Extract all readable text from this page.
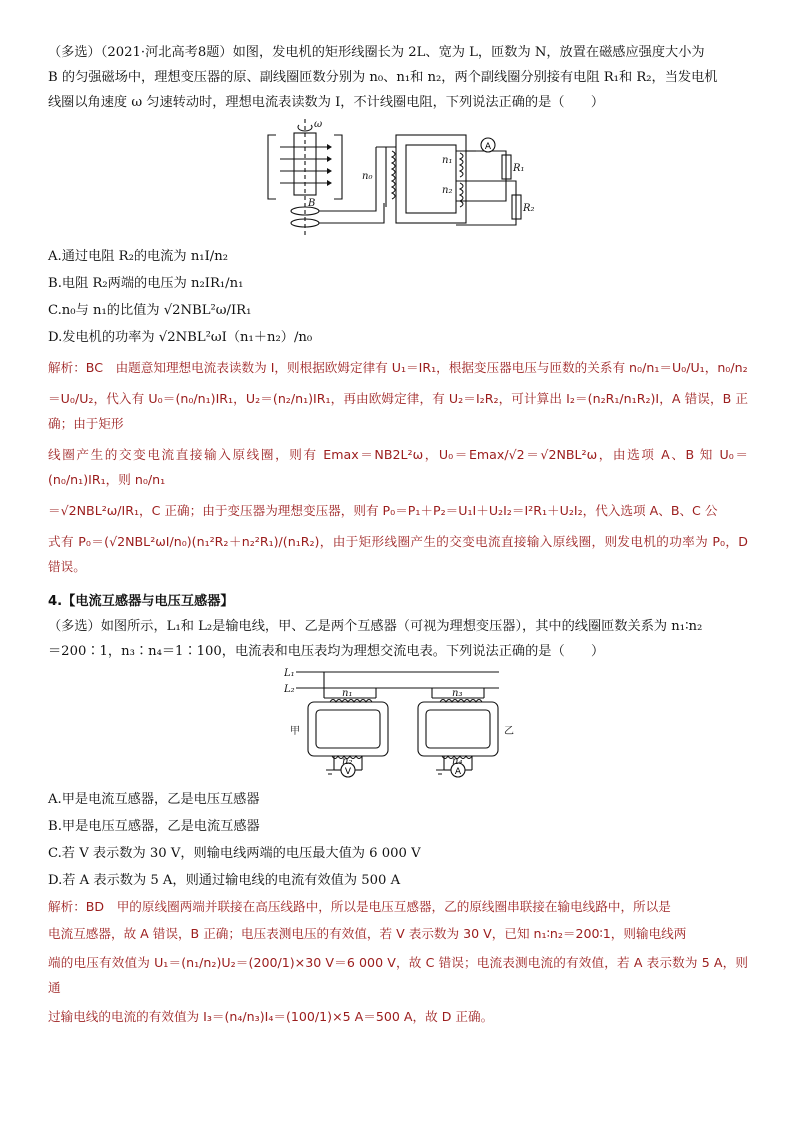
（多选）（2021·河北高考8题）如图，发电机的矩形线圈长为 2L、宽为 L，匝数为 N，放置在磁感应强度大小为

B 的匀强磁场中，理想变压器的原、副线圈匝数分别为 n₀、n₁和 n₂，两个副线圈分别接有电阻 R₁和 R₂，当发电机

线圈以角速度 ω 匀速转动时，理想电流表读数为 I，不计线圈电阻，下列说法正确的是（　　）

A
ω
B
n₀
n₁
n₂
R₁
R₂

A.通过电阻 R₂的电流为 n₁I/n₂

B.电阻 R₂两端的电压为 n₂IR₁/n₁

C.n₀与 n₁的比值为 √2NBL²ω/IR₁

D.发电机的功率为 √2NBL²ωI（n₁＋n₂）/n₀

解析：BC　由题意知理想电流表读数为 I，则根据欧姆定律有 U₁＝IR₁，根据变压器电压与匝数的关系有 n₀/n₁＝U₀/U₁，n₀/n₂

＝U₀/U₂，代入有 U₀＝(n₀/n₁)IR₁，U₂＝(n₂/n₁)IR₁，再由欧姆定律，有 U₂＝I₂R₂，可计算出 I₂＝(n₂R₁/n₁R₂)I，A 错误，B 正确；由于矩形

线圈产生的交变电流直接输入原线圈，则有 Emax＝NB2L²ω，U₀＝Emax/√2＝√2NBL²ω，由选项 A、B 知 U₀＝(n₀/n₁)IR₁，则 n₀/n₁

＝√2NBL²ω/IR₁，C 正确；由于变压器为理想变压器，则有 P₀＝P₁＋P₂＝U₁I＋U₂I₂＝I²R₁＋U₂I₂，代入选项 A、B、C 公

式有 P₀＝(√2NBL²ωI/n₀)(n₁²R₂＋n₂²R₁)/(n₁R₂)，由于矩形线圈产生的交变电流直接输入原线圈，则发电机的功率为 P₀，D 错误。

4.【电流互感器与电压互感器】

（多选）如图所示，L₁和 L₂是输电线，甲、乙是两个互感器（可视为理想变压器），其中的线圈匝数关系为 n₁∶n₂

＝200∶1，n₃∶n₄＝1∶100，电流表和电压表均为理想交流电表。下列说法正确的是（　　）

V	A
L₁
L₂
甲	乙
n₁
n₂
n₃
n₄

A.甲是电流互感器，乙是电压互感器

B.甲是电压互感器，乙是电流互感器

C.若 V 表示数为 30 V，则输电线两端的电压最大值为 6 000 V

D.若 A 表示数为 5 A，则通过输电线的电流有效值为 500 A

解析：BD　甲的原线圈两端并联接在高压线路中，所以是电压互感器，乙的原线圈串联接在输电线路中，所以是

电流互感器，故 A 错误，B 正确；电压表测电压的有效值，若 V 表示数为 30 V，已知 n₁∶n₂＝200∶1，则输电线两

端的电压有效值为 U₁＝(n₁/n₂)U₂＝(200/1)×30 V＝6 000 V，故 C 错误；电流表测电流的有效值，若 A 表示数为 5 A，则通

过输电线的电流的有效值为 I₃＝(n₄/n₃)I₄＝(100/1)×5 A＝500 A，故 D 正确。
